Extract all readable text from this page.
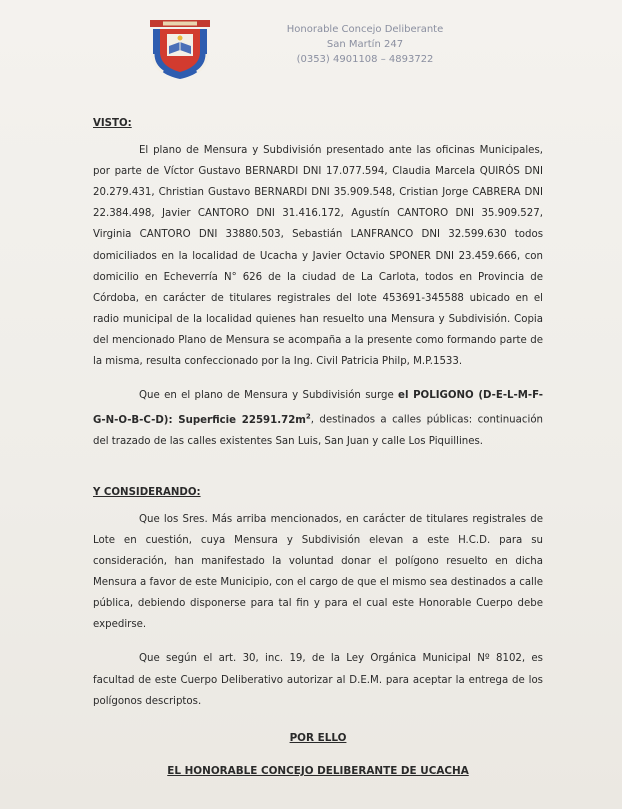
Honorable Concejo Deliberante
San Martín 247
(0353) 4901108 – 4893722
VISTO:

El plano de Mensura y Subdivisión presentado ante las oficinas Municipales, por parte de Víctor Gustavo BERNARDI DNI 17.077.594, Claudia Marcela QUIRÓS DNI 20.279.431, Christian Gustavo BERNARDI DNI 35.909.548, Cristian Jorge CABRERA DNI 22.384.498, Javier CANTORO DNI 31.416.172, Agustín CANTORO DNI 35.909.527, Virginia CANTORO DNI 33880.503, Sebastián LANFRANCO DNI 32.599.630 todos domiciliados en la localidad de Ucacha y Javier Octavio SPONER DNI 23.459.666, con domicilio en Echeverría N° 626 de la ciudad de La Carlota, todos en Provincia de Córdoba, en carácter de titulares registrales del lote 453691-345588 ubicado en el radio municipal de la localidad quienes han resuelto una Mensura y Subdivisión. Copia del mencionado Plano de Mensura se acompaña a la presente como formando parte de la misma, resulta confeccionado por la Ing. Civil Patricia Philp, M.P.1533.

Que en el plano de Mensura y Subdivisión surge el POLIGONO (D-E-L-M-F-G-N-O-B-C-D): Superficie $22591.72m^2$, destinados a calles públicas: continuación del trazado de las calles existentes San Luis, San Juan y calle Los Piquillines.

Y CONSIDERANDO:

Que los Sres. Más arriba mencionados, en carácter de titulares registrales de Lote en cuestión, cuya Mensura y Subdivisión elevan a este H.C.D. para su consideración, han manifestado la voluntad donar el polígono resuelto en dicha Mensura a favor de este Municipio, con el cargo de que el mismo sea destinados a calle pública, debiendo disponerse para tal fin y para el cual este Honorable Cuerpo debe expedirse.

Que según el art. 30, inc. 19, de la Ley Orgánica Municipal Nº 8102, es facultad de este Cuerpo Deliberativo autorizar al D.E.M. para aceptar la entrega de los polígonos descriptos.

POR ELLO
EL HONORABLE CONCEJO DELIBERANTE DE UCACHA
